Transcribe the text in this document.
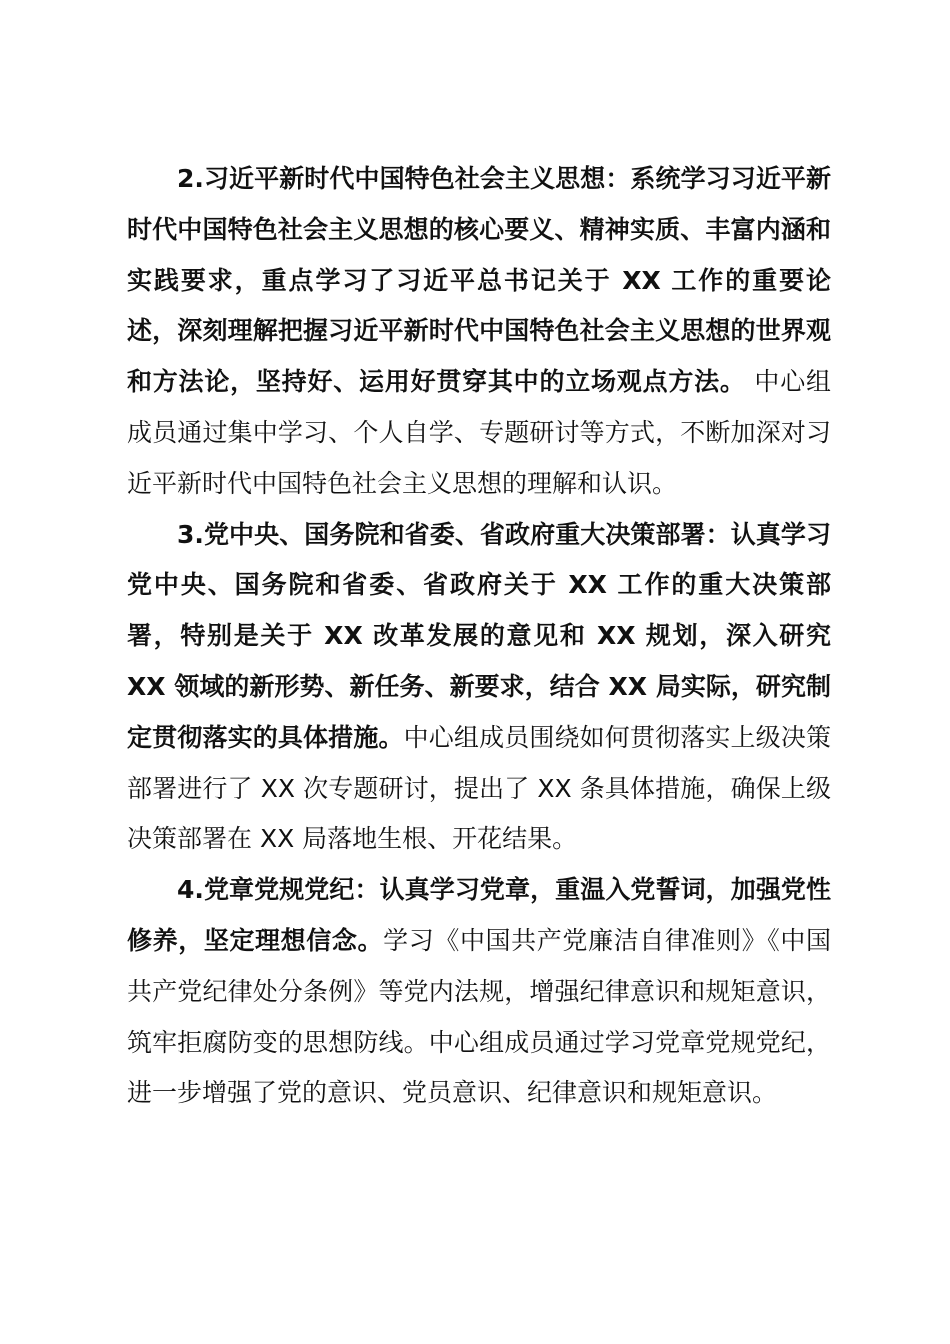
2.习近平新时代中国特色社会主义思想：系统学习习近平新时代中国特色社会主义思想的核心要义、精神实质、丰富内涵和实践要求，重点学习了习近平总书记关于 XX 工作的重要论述，深刻理解把握习近平新时代中国特色社会主义思想的世界观和方法论，坚持好、运用好贯穿其中的立场观点方法。 中心组成员通过集中学习、个人自学、专题研讨等方式，不断加深对习近平新时代中国特色社会主义思想的理解和认识。

3.党中央、国务院和省委、省政府重大决策部署：认真学习党中央、国务院和省委、省政府关于 XX 工作的重大决策部署，特别是关于 XX 改革发展的意见和 XX 规划，深入研究 XX 领域的新形势、新任务、新要求，结合 XX 局实际，研究制定贯彻落实的具体措施。中心组成员围绕如何贯彻落实上级决策部署进行了 XX 次专题研讨，提出了 XX 条具体措施，确保上级决策部署在 XX 局落地生根、开花结果。

4.党章党规党纪：认真学习党章，重温入党誓词，加强党性修养，坚定理想信念。学习《中国共产党廉洁自律准则》《中国共产党纪律处分条例》等党内法规，增强纪律意识和规矩意识，筑牢拒腐防变的思想防线。中心组成员通过学习党章党规党纪，进一步增强了党的意识、党员意识、纪律意识和规矩意识。
